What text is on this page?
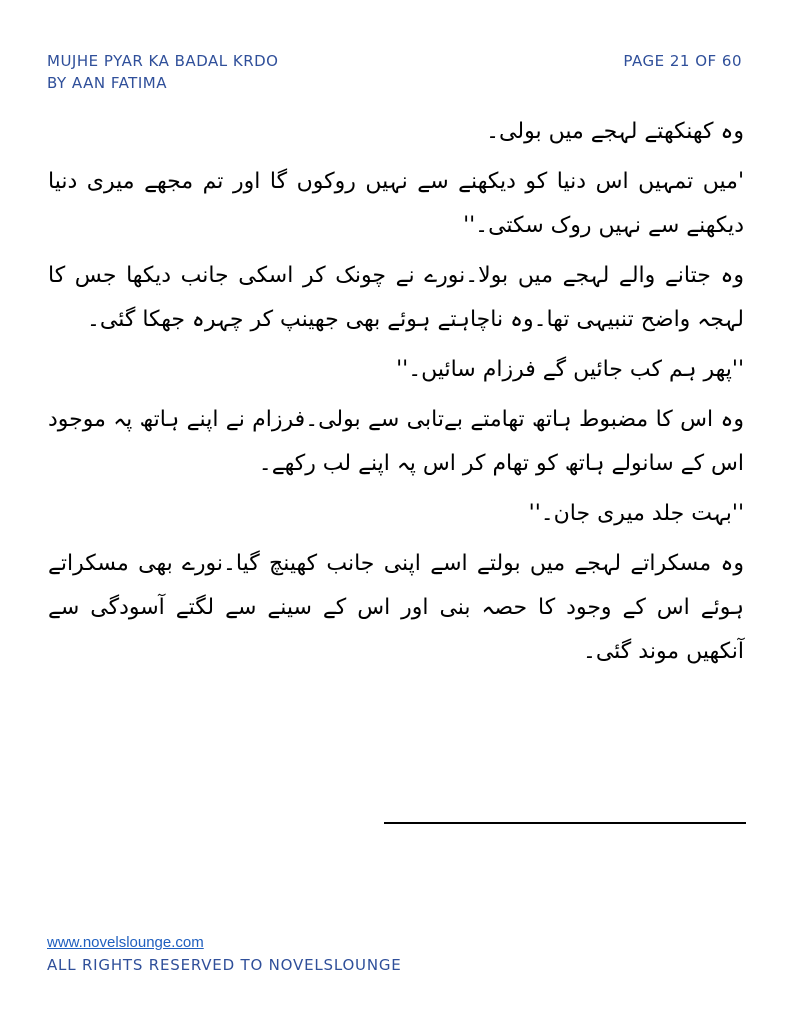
MUJHE PYAR KA BADAL KRDO
BY AAN FATIMA
PAGE 21 OF 60

وہ کھنکھتے لہجے میں بولی۔

'میں تمہیں اس دنیا کو دیکھنے سے نہیں روکوں گا اور تم مجھے میری دنیا دیکھنے سے نہیں روک سکتی۔''

وہ جتانے والے لہجے میں بولا۔نورے نے چونک کر اسکی جانب دیکھا جس کا لہجہ واضح تنبیہی تھا۔وہ ناچاہتے ہوئے بھی جھینپ کر چہرہ جھکا گئی۔

''پھر ہم کب جائیں گے فرزام سائیں۔''

وہ اس کا مضبوط ہاتھ تھامتے بےتابی سے بولی۔فرزام نے اپنے ہاتھ پہ موجود اس کے سانولے ہاتھ کو تھام کر اس پہ اپنے لب رکھے۔

''بہت جلد میری جان۔''

وہ مسکراتے لہجے میں بولتے اسے اپنی جانب کھینچ گیا۔نورے بھی مسکراتے ہوئے اس کے وجود کا حصہ بنی اور اس کے سینے سے لگتے آسودگی سے آنکھیں موند گئی۔

www.novelslounge.com
ALL RIGHTS RESERVED TO NOVELSLOUNGE
